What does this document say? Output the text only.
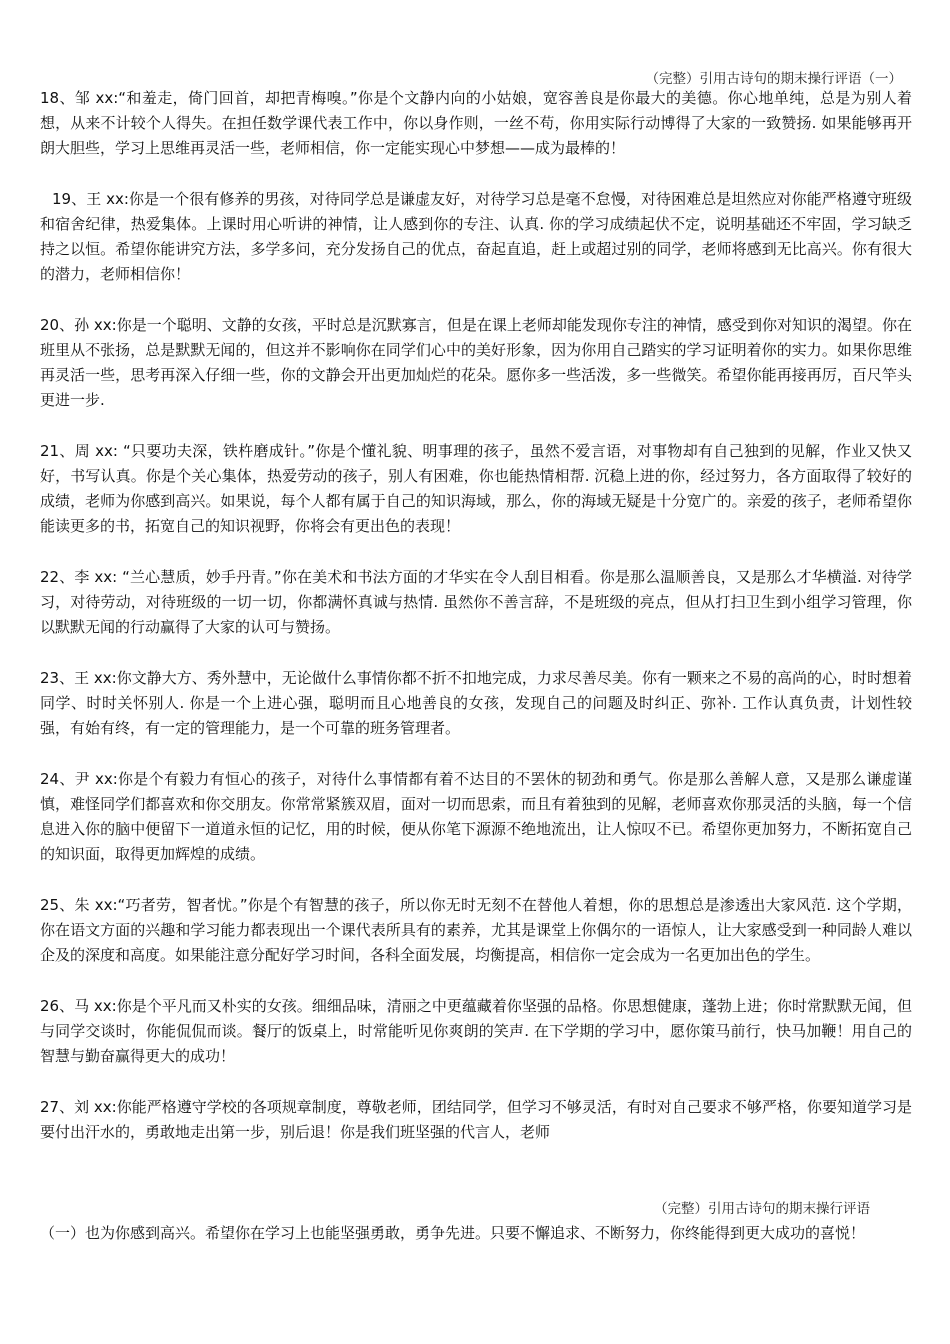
（完整）引用古诗句的期末操行评语（一）

18、邹 xx:“和羞走，倚门回首，却把青梅嗅。”你是个文静内向的小姑娘，宽容善良是你最大的美德。你心地单纯，总是为别人着想，从来不计较个人得失。在担任数学课代表工作中，你以身作则，一丝不苟，你用实际行动博得了大家的一致赞扬. 如果能够再开朗大胆些，学习上思维再灵活一些，老师相信，你一定能实现心中梦想——成为最棒的！

19、王 xx:你是一个很有修养的男孩，对待同学总是谦虚友好，对待学习总是毫不怠慢，对待困难总是坦然应对你能严格遵守班级和宿舍纪律，热爱集体。上课时用心听讲的神情，让人感到你的专注、认真. 你的学习成绩起伏不定，说明基础还不牢固，学习缺乏持之以恒。希望你能讲究方法，多学多问，充分发扬自己的优点，奋起直追，赶上或超过别的同学，老师将感到无比高兴。你有很大的潜力，老师相信你！

20、孙 xx:你是一个聪明、文静的女孩，平时总是沉默寡言，但是在课上老师却能发现你专注的神情，感受到你对知识的渴望。你在班里从不张扬，总是默默无闻的，但这并不影响你在同学们心中的美好形象，因为你用自己踏实的学习证明着你的实力。如果你思维再灵活一些，思考再深入仔细一些，你的文静会开出更加灿烂的花朵。愿你多一些活泼，多一些微笑。希望你能再接再厉，百尺竿头更进一步.

21、周 xx: “只要功夫深，铁杵磨成针。”你是个懂礼貌、明事理的孩子，虽然不爱言语，对事物却有自己独到的见解，作业又快又好，书写认真。你是个关心集体，热爱劳动的孩子，别人有困难，你也能热情相帮. 沉稳上进的你，经过努力，各方面取得了较好的成绩，老师为你感到高兴。如果说，每个人都有属于自己的知识海域，那么，你的海域无疑是十分宽广的。亲爱的孩子，老师希望你能读更多的书，拓宽自己的知识视野，你将会有更出色的表现！

22、李 xx: “兰心慧质，妙手丹青。”你在美术和书法方面的才华实在令人刮目相看。你是那么温顺善良，又是那么才华横溢. 对待学习，对待劳动，对待班级的一切一切，你都满怀真诚与热情. 虽然你不善言辞，不是班级的亮点，但从打扫卫生到小组学习管理，你以默默无闻的行动赢得了大家的认可与赞扬。

23、王 xx:你文静大方、秀外慧中，无论做什么事情你都不折不扣地完成，力求尽善尽美。你有一颗来之不易的高尚的心，时时想着同学、时时关怀别人. 你是一个上进心强，聪明而且心地善良的女孩，发现自己的问题及时纠正、弥补. 工作认真负责，计划性较强，有始有终，有一定的管理能力，是一个可靠的班务管理者。

24、尹 xx:你是个有毅力有恒心的孩子，对待什么事情都有着不达目的不罢休的韧劲和勇气。你是那么善解人意，又是那么谦虚谨慎，难怪同学们都喜欢和你交朋友。你常常紧簇双眉，面对一切而思索，而且有着独到的见解，老师喜欢你那灵活的头脑，每一个信息进入你的脑中便留下一道道永恒的记忆，用的时候，便从你笔下源源不绝地流出，让人惊叹不已。希望你更加努力，不断拓宽自己的知识面，取得更加辉煌的成绩。

25、朱 xx:“巧者劳，智者忧。”你是个有智慧的孩子，所以你无时无刻不在替他人着想，你的思想总是渗透出大家风范. 这个学期，你在语文方面的兴趣和学习能力都表现出一个课代表所具有的素养，尤其是课堂上你偶尔的一语惊人，让大家感受到一种同龄人难以企及的深度和高度。如果能注意分配好学习时间，各科全面发展，均衡提高，相信你一定会成为一名更加出色的学生。

26、马 xx:你是个平凡而又朴实的女孩。细细品味，清丽之中更蕴藏着你坚强的品格。你思想健康，蓬勃上进；你时常默默无闻，但与同学交谈时，你能侃侃而谈。餐厅的饭桌上，时常能听见你爽朗的笑声. 在下学期的学习中，愿你策马前行，快马加鞭！用自己的智慧与勤奋赢得更大的成功！

27、刘 xx:你能严格遵守学校的各项规章制度，尊敬老师，团结同学，但学习不够灵活，有时对自己要求不够严格，你要知道学习是要付出汗水的，勇敢地走出第一步，别后退！你是我们班坚强的代言人，老师

（完整）引用古诗句的期末操行评语
（一）也为你感到高兴。希望你在学习上也能坚强勇敢，勇争先进。只要不懈追求、不断努力，你终能得到更大成功的喜悦！
